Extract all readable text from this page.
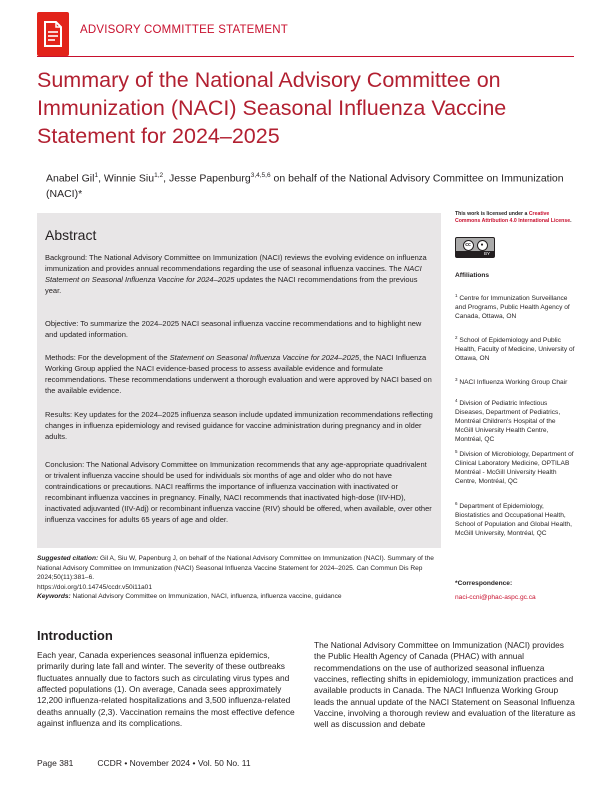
ADVISORY COMMITTEE STATEMENT
Summary of the National Advisory Committee on Immunization (NACI) Seasonal Influenza Vaccine Statement for 2024–2025
Anabel Gil$^1$, Winnie Siu$^{1,2}$, Jesse Papenburg$^{3,4,5,6}$ on behalf of the National Advisory Committee on Immunization (NACI)*
Abstract

Background: The National Advisory Committee on Immunization (NACI) reviews the evolving evidence on influenza immunization and provides annual recommendations regarding the use of seasonal influenza vaccines. The NACI Statement on Seasonal Influenza Vaccine for 2024–2025 updates the NACI recommendations from the previous year.

Objective: To summarize the 2024–2025 NACI seasonal influenza vaccine recommendations and to highlight new and updated information.

Methods: For the development of the Statement on Seasonal Influenza Vaccine for 2024–2025, the NACI Influenza Working Group applied the NACI evidence-based process to assess available evidence and formulate recommendations. These recommendations underwent a thorough evaluation and were approved by NACI based on the available evidence.

Results: Key updates for the 2024–2025 influenza season include updated immunization recommendations reflecting changes in influenza epidemiology and revised guidance for vaccine administration during pregnancy and in older adults.

Conclusion: The National Advisory Committee on Immunization recommends that any age-appropriate quadrivalent or trivalent influenza vaccine should be used for individuals six months of age and older who do not have contraindications or precautions. NACI reaffirms the importance of influenza vaccination with inactivated or recombinant influenza vaccines in pregnancy. Finally, NACI recommends that inactivated high-dose (IIV-HD), inactivated adjuvanted (IIV-Adj) or recombinant influenza vaccine (RIV) should be offered, when available, over other influenza vaccines for adults 65 years of age and older.

Suggested citation: Gil A, Siu W, Papenburg J, on behalf of the National Advisory Committee on Immunization (NACI). Summary of the National Advisory Committee on Immunization (NACI) Seasonal Influenza Vaccine Statement for 2024–2025. Can Commun Dis Rep 2024;50(11):381–6.
https://doi.org/10.14745/ccdr.v50i11a01
Keywords: National Advisory Committee on Immunization, NACI, influenza, influenza vaccine, guidance
This work is licensed under a Creative Commons Attribution 4.0 International License.
cc	●
BY
Affiliations

$^1$ Centre for Immunization Surveillance and Programs, Public Health Agency of Canada, Ottawa, ON

$^2$ School of Epidemiology and Public Health, Faculty of Medicine, University of Ottawa, ON

$^3$ NACI Influenza Working Group Chair

$^4$ Division of Pediatric Infectious Diseases, Department of Pediatrics, Montréal Children's Hospital of the McGill University Health Centre, Montréal, QC

$^5$ Division of Microbiology, Department of Clinical Laboratory Medicine, OPTILAB Montréal - McGill University Health Centre, Montréal, QC

$^6$ Department of Epidemiology, Biostatistics and Occupational Health, School of Population and Global Health, McGill University, Montréal, QC

*Correspondence:
naci-ccni@phac-aspc.gc.ca
Introduction

Each year, Canada experiences seasonal influenza epidemics, primarily during late fall and winter. The severity of these outbreaks fluctuates annually due to factors such as circulating virus types and affected populations (1). On average, Canada sees approximately 12,200 influenza-related hospitalizations and 3,500 influenza-related deaths annually (2,3). Vaccination remains the most effective defence against influenza and its complications.

The National Advisory Committee on Immunization (NACI) provides the Public Health Agency of Canada (PHAC) with annual recommendations on the use of authorized seasonal influenza vaccines, reflecting shifts in epidemiology, immunization practices and available products in Canada. The NACI Influenza Working Group leads the annual update of the NACI Statement on Seasonal Influenza Vaccine, involving a thorough review and evaluation of the literature as well as discussion and debate

Page 381	CCDR • November 2024 • Vol. 50 No. 11
